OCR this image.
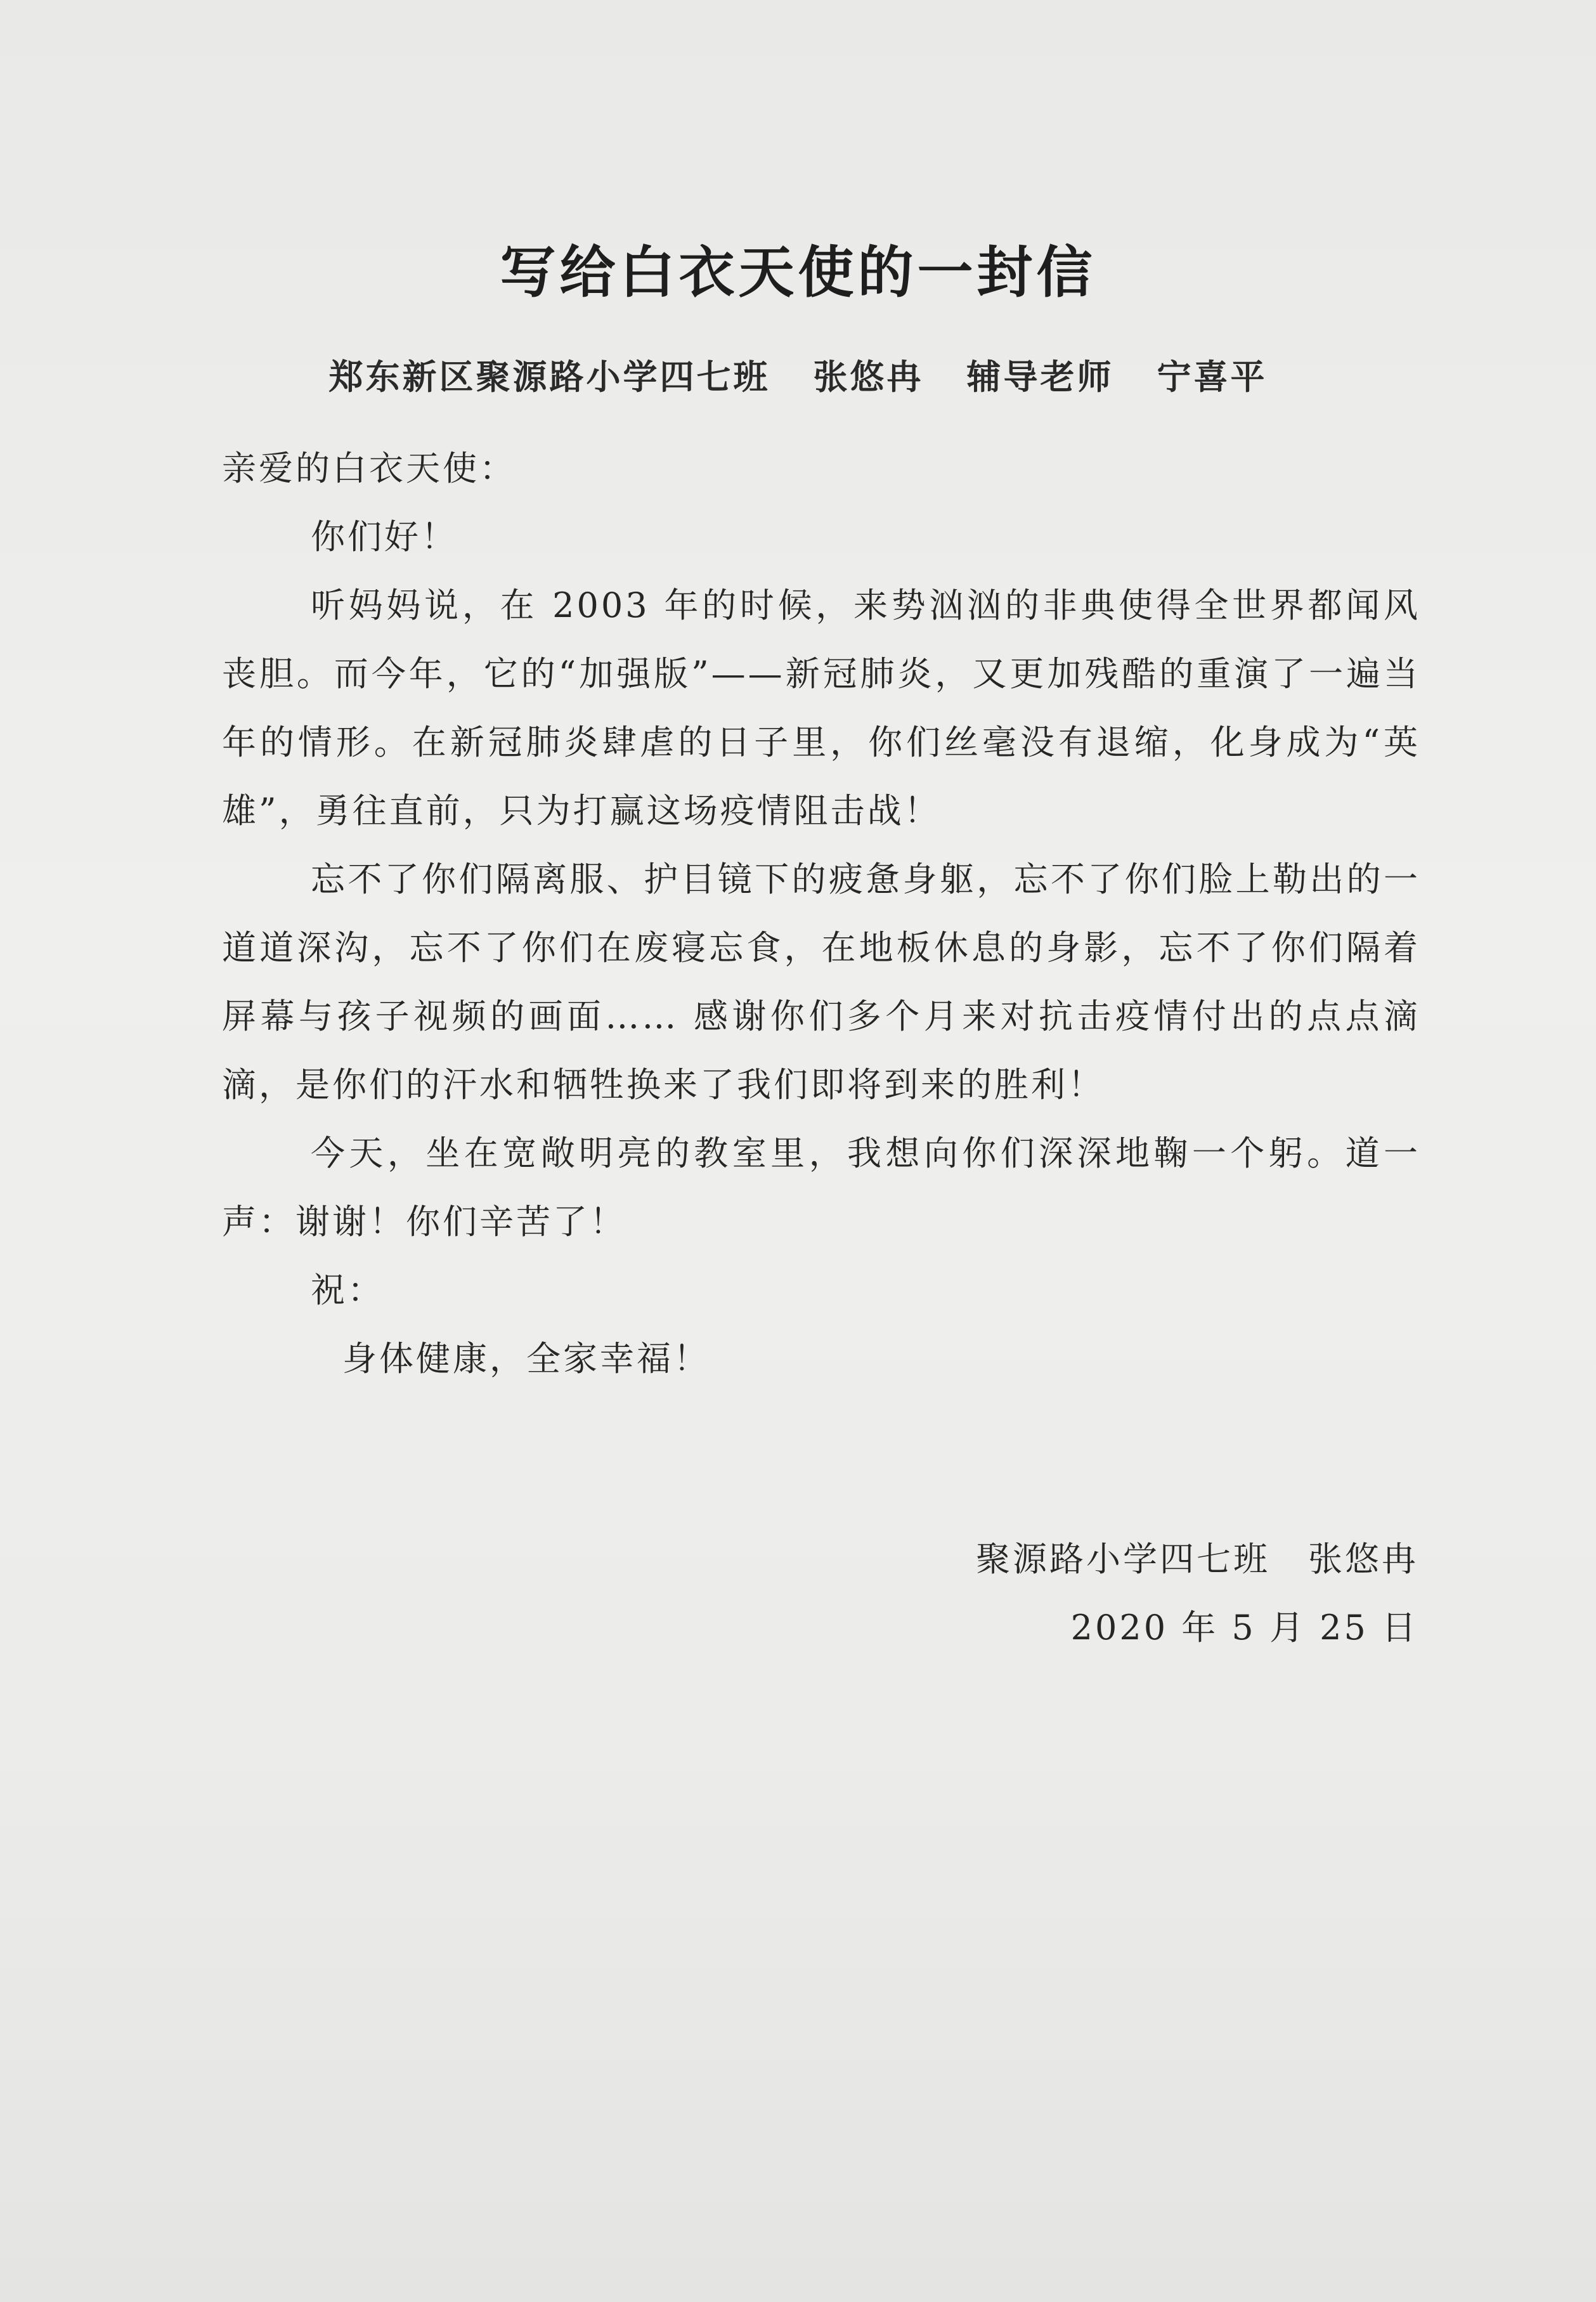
写给白衣天使的一封信
郑东新区聚源路小学四七班 张悠冉 辅导老师 宁喜平

亲爱的白衣天使：

你们好！

听妈妈说，在 2003 年的时候，来势汹汹的非典使得全世界都闻风丧胆。而今年，它的“加强版”——新冠肺炎，又更加残酷的重演了一遍当年的情形。在新冠肺炎肆虐的日子里，你们丝毫没有退缩，化身成为“英雄”，勇往直前，只为打赢这场疫情阻击战！

忘不了你们隔离服、护目镜下的疲惫身躯，忘不了你们脸上勒出的一道道深沟，忘不了你们在废寝忘食，在地板休息的身影，忘不了你们隔着屏幕与孩子视频的画面…… 感谢你们多个月来对抗击疫情付出的点点滴滴，是你们的汗水和牺牲换来了我们即将到来的胜利！

今天，坐在宽敞明亮的教室里，我想向你们深深地鞠一个躬。道一声：谢谢！你们辛苦了！

祝：

身体健康，全家幸福！

聚源路小学四七班 张悠冉
2020 年 5 月 25 日
